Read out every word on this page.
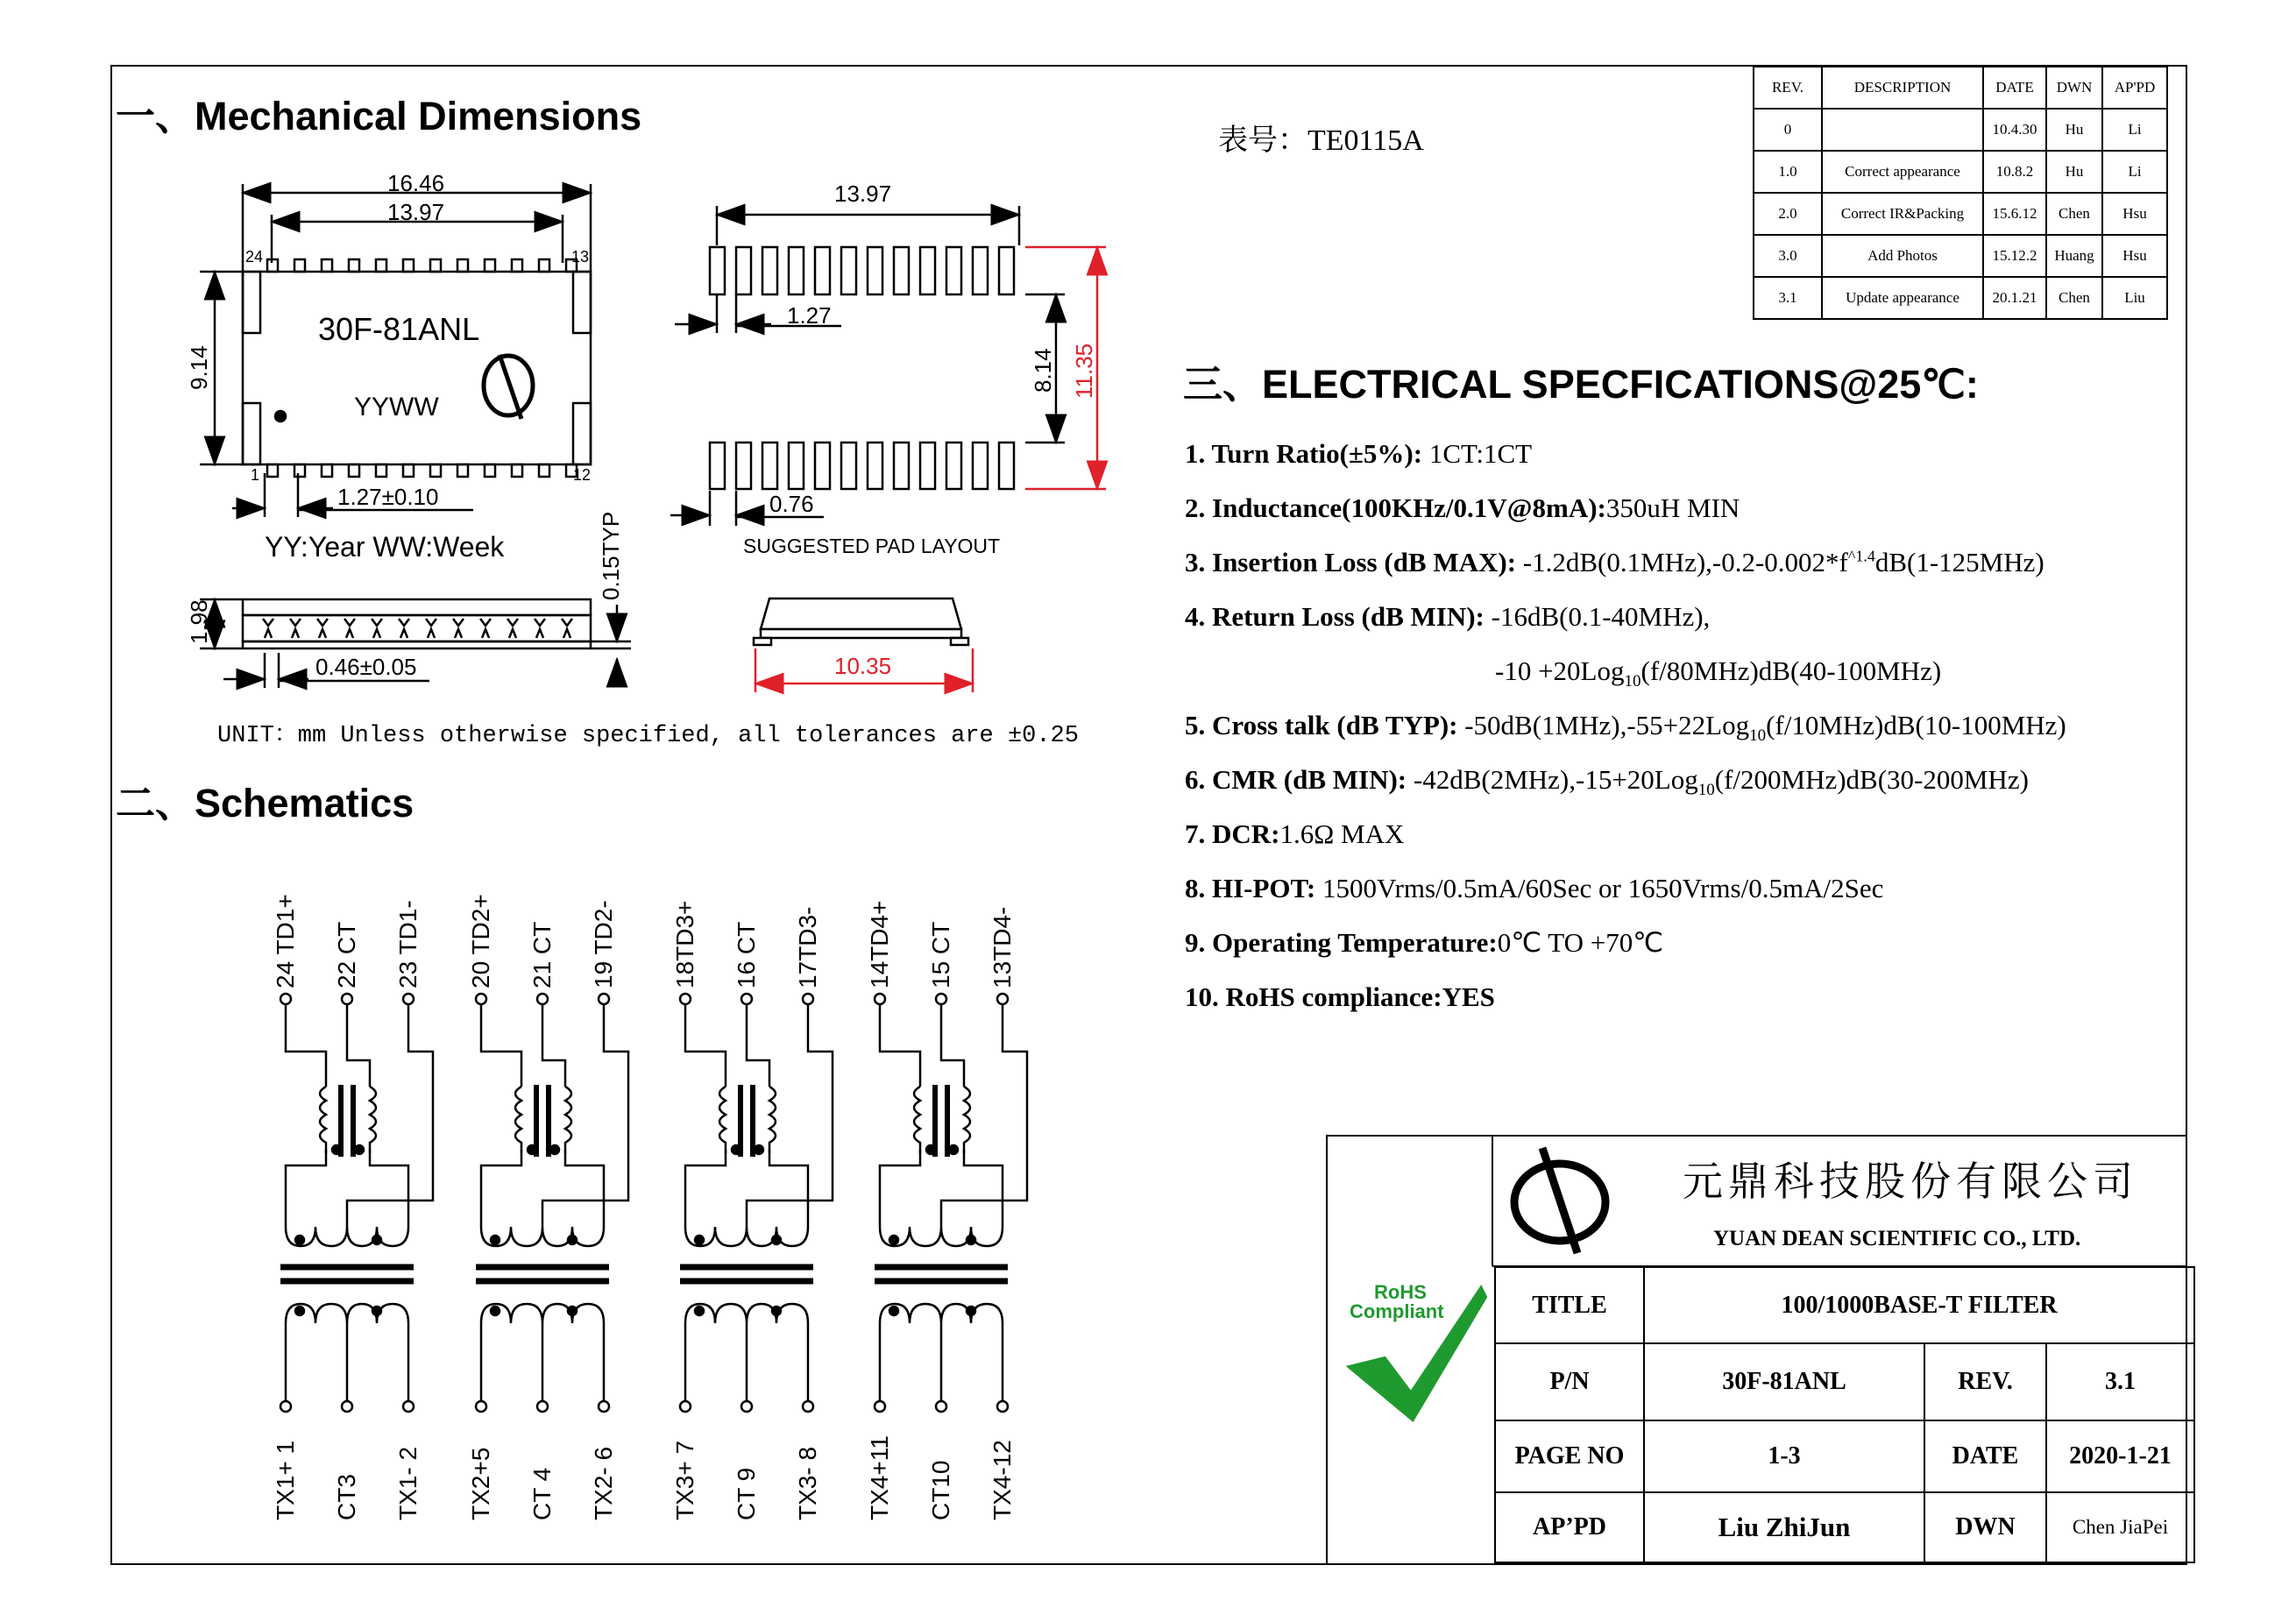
一、Mechanical Dimensions
表号：TE0115A
16.46
13.97
24	13
30F-81ANL
YYWW
9.14
1	12
1.27±0.10
YY:Year WW:Week
1.98
0.46±0.05
0.15TYP
13.97
1.27
8.14 11.35
0.76
SUGGESTED PAD LAYOUT
10.35
UNIT：mm Unless otherwise specified, all tolerances are ±0.25
二、Schematics
24 TD1+
TX1+ 1
22 CT
CT3
23 TD1-
TX1- 2
20 TD2+
TX2+5
21 CT
CT 4
19 TD2-
TX2- 6
18TD3+
TX3+ 7
16 CT
CT 9
17TD3-
TX3- 8
14TD4+
TX4+11
15 CT
CT10
13TD4-
TX4-12
REV.	DESCRIPTION	DATE	DWN	AP'PD
0		10.4.30	Hu	Li
1.0	Correct appearance	10.8.2	Hu	Li
2.0	Correct IR&Packing	15.6.12	Chen	Hsu
3.0	Add Photos	15.12.2	Huang	Hsu
3.1	Update appearance	20.1.21	Chen	Liu
三、ELECTRICAL SPECFICATIONS@25℃:
1. Turn Ratio(±5%): 1CT:1CT
2. Inductance(100KHz/0.1V@8mA):350uH MIN
3. Insertion Loss (dB MAX): $-1.2dB(0.1MHz),-0.2-0.002*f^{\^{}1.4}dB(1-125MHz)$
4. Return Loss (dB MIN): -16dB(0.1-40MHz),
-10 +20Log$_{10}$(f/80MHz)dB(40-100MHz)
5. Cross talk (dB TYP): -50dB(1MHz),-55+22Log$_{10}$(f/10MHz)dB(10-100MHz)
6. CMR (dB MIN): -42dB(2MHz),-15+20Log$_{10}$(f/200MHz)dB(30-200MHz)
7. DCR:1.6Ω MAX
8. HI-POT: 1500Vrms/0.5mA/60Sec or 1650Vrms/0.5mA/2Sec
9. Operating Temperature:0℃ TO +70℃
10. RoHS compliance:YES
RoHS
Compliant
元鼎科技股份有限公司
YUAN DEAN SCIENTIFIC CO., LTD.
TITLE	100/1000BASE-T FILTER		
P/N	30F-81ANL	REV.	3.1
PAGE NO	1-3	DATE	2020-1-21
AP’PD	Liu ZhiJun	DWN	Chen JiaPei
